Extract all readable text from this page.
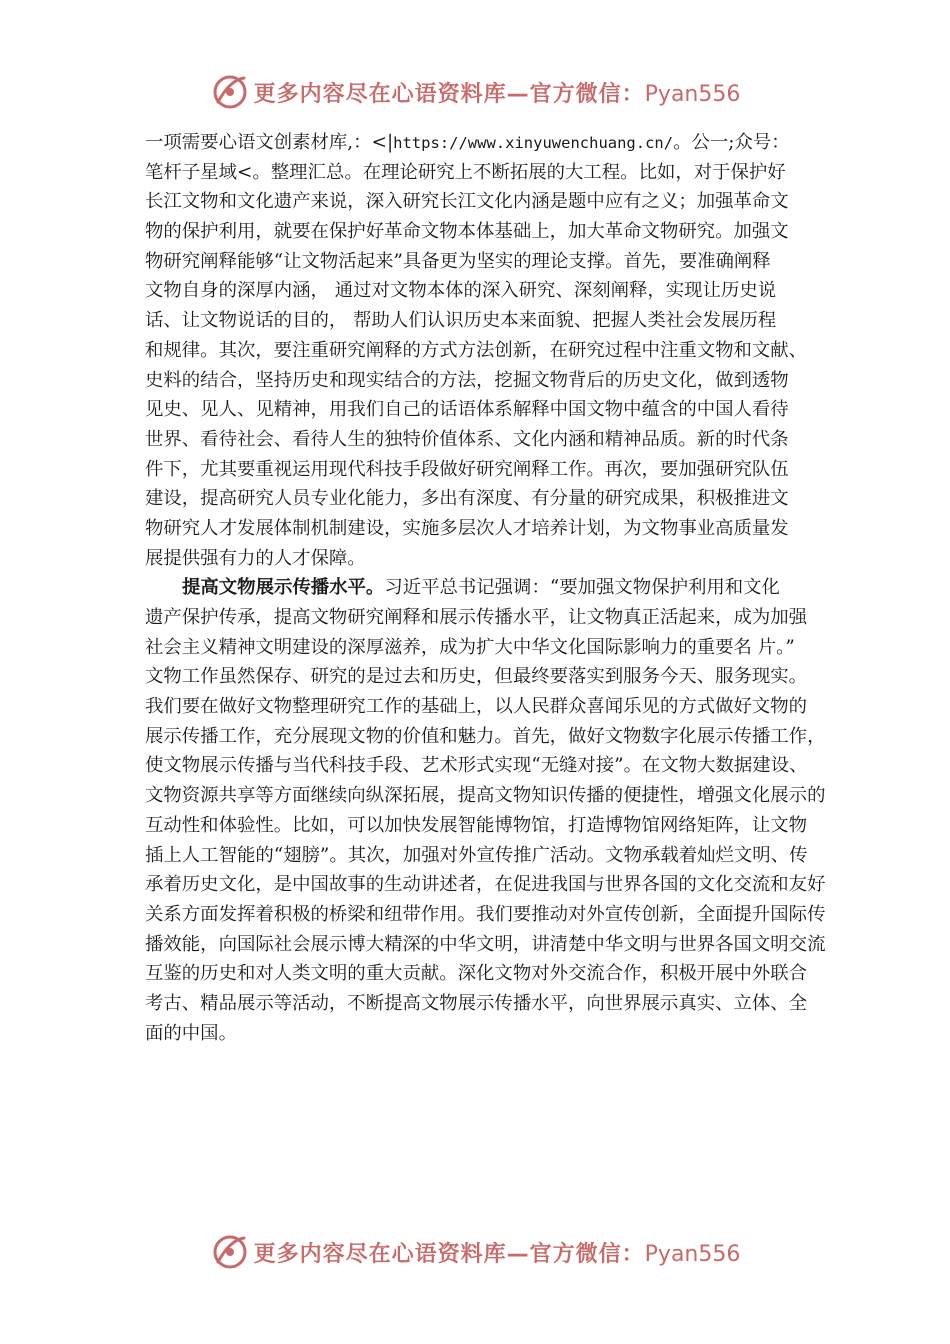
更多内容尽在心语资料库—官方微信：Pyan556
一项需要心语文创素材库,：<|https://www.xinyuwenchuang.cn/。公一;众号：
笔杆子星域<。整理汇总。在理论研究上不断拓展的大工程。比如，对于保护好
长江文物和文化遗产来说，深入研究长江文化内涵是题中应有之义；加强革命文
物的保护利用，就要在保护好革命文物本体基础上，加大革命文物研究。加强文
物研究阐释能够“让文物活起来”具备更为坚实的理论支撑。首先，要准确阐释
文物自身的深厚内涵， 通过对文物本体的深入研究、深刻阐释，实现让历史说
话、让文物说话的目的， 帮助人们认识历史本来面貌、把握人类社会发展历程
和规律。其次，要注重研究阐释的方式方法创新，在研究过程中注重文物和文献、
史料的结合，坚持历史和现实结合的方法，挖掘文物背后的历史文化，做到透物
见史、见人、见精神，用我们自己的话语体系解释中国文物中蕴含的中国人看待
世界、看待社会、看待人生的独特价值体系、文化内涵和精神品质。新的时代条
件下，尤其要重视运用现代科技手段做好研究阐释工作。再次，要加强研究队伍
建设，提高研究人员专业化能力，多出有深度、有分量的研究成果，积极推进文
物研究人才发展体制机制建设，实施多层次人才培养计划，为文物事业高质量发
展提供强有力的人才保障。
提高文物展示传播水平。习近平总书记强调：“要加强文物保护利用和文化
遗产保护传承，提高文物研究阐释和展示传播水平，让文物真正活起来，成为加强
社会主义精神文明建设的深厚滋养，成为扩大中华文化国际影响力的重要名 片。”
文物工作虽然保存、研究的是过去和历史，但最终要落实到服务今天、服务现实。
我们要在做好文物整理研究工作的基础上，以人民群众喜闻乐见的方式做好文物的
展示传播工作，充分展现文物的价值和魅力。首先，做好文物数字化展示传播工作，
使文物展示传播与当代科技手段、艺术形式实现“无缝对接”。在文物大数据建设、
文物资源共享等方面继续向纵深拓展，提高文物知识传播的便捷性，增强文化展示的
互动性和体验性。比如，可以加快发展智能博物馆，打造博物馆网络矩阵，让文物
插上人工智能的“翅膀”。其次，加强对外宣传推广活动。文物承载着灿烂文明、传
承着历史文化，是中国故事的生动讲述者，在促进我国与世界各国的文化交流和友好
关系方面发挥着积极的桥梁和纽带作用。我们要推动对外宣传创新，全面提升国际传
播效能，向国际社会展示博大精深的中华文明，讲清楚中华文明与世界各国文明交流
互鉴的历史和对人类文明的重大贡献。深化文物对外交流合作，积极开展中外联合
考古、精品展示等活动，不断提高文物展示传播水平，向世界展示真实、立体、全
面的中国。
更多内容尽在心语资料库—官方微信：Pyan556
